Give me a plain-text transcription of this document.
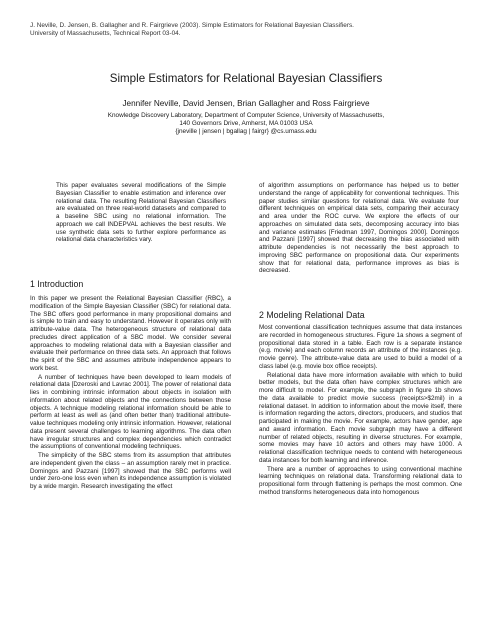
J. Neville, D. Jensen, B. Gallagher and R. Fairgrieve (2003). Simple Estimators for Relational Bayesian Classifiers.
University of Massachusetts, Technical Report 03-04.
Simple Estimators for Relational Bayesian Classifiers
Jennifer Neville, David Jensen, Brian Gallagher and Ross Fairgrieve
Knowledge Discovery Laboratory, Department of Computer Science, University of Massachusetts,
140 Governors Drive, Amherst, MA 01003 USA
{jneville | jensen | bgallag | fairgr} @cs.umass.edu

This paper evaluates several modifications of the Simple Bayesian Classifier to enable estimation and inference over relational data. The resulting Relational Bayesian Classifiers are evaluated on three real-world datasets and compared to a baseline SBC using no relational information. The approach we call INDEPVAL achieves the best results. We use synthetic data sets to further explore performance as relational data characteristics vary.

1 Introduction

In this paper we present the Relational Bayesian Classifier (RBC), a modification of the Simple Bayesian Classifier (SBC) for relational data. The SBC offers good performance in many propositional domains and is simple to train and easy to understand. However it operates only with attribute-value data. The heterogeneous structure of relational data precludes direct application of a SBC model. We consider several approaches to modeling relational data with a Bayesian classifier and evaluate their performance on three data sets. An approach that follows the spirit of the SBC and assumes attribute independence appears to work best.

A number of techniques have been developed to learn models of relational data [Dzeroski and Lavrac 2001]. The power of relational data lies in combining intrinsic information about objects in isolation with information about related objects and the connections between those objects. A technique modeling relational information should be able to perform at least as well as (and often better than) traditional attribute-value techniques modeling only intrinsic information. However, relational data present several challenges to learning algorithms. The data often have irregular structures and complex dependencies which contradict the assumptions of conventional modeling techniques.

The simplicity of the SBC stems from its assumption that attributes are independent given the class – an assumption rarely met in practice. Domingos and Pazzani [1997] showed that the SBC performs well under zero-one loss even when its independence assumption is violated by a wide margin. Research investigating the effect

of algorithm assumptions on performance has helped us to better understand the range of applicability for conventional techniques. This paper studies similar questions for relational data. We evaluate four different techniques on empirical data sets, comparing their accuracy and area under the ROC curve. We explore the effects of our approaches on simulated data sets, decomposing accuracy into bias and variance estimates [Friedman 1997, Domingos 2000]. Domingos and Pazzani [1997] showed that decreasing the bias associated with attribute dependencies is not necessarily the best approach to improving SBC performance on propositional data. Our experiments show that for relational data, performance improves as bias is decreased.

2 Modeling Relational Data

Most conventional classification techniques assume that data instances are recorded in homogeneous structures. Figure 1a shows a segment of propositional data stored in a table. Each row is a separate instance (e.g. movie) and each column records an attribute of the instances (e.g. movie genre). The attribute-value data are used to build a model of a class label (e.g. movie box office receipts).

Relational data have more information available with which to build better models, but the data often have complex structures which are more difficult to model. For example, the subgraph in figure 1b shows the data available to predict movie success (receipts>$2mil) in a relational dataset. In addition to information about the movie itself, there is information regarding the actors, directors, producers, and studios that participated in making the movie. For example, actors have gender, age and award information. Each movie subgraph may have a different number of related objects, resulting in diverse structures. For example, some movies may have 10 actors and others may have 1000. A relational classification technique needs to contend with heterogeneous data instances for both learning and inference.

There are a number of approaches to using conventional machine learning techniques on relational data. Transforming relational data to propositional form through flattening is perhaps the most common. One method transforms heterogeneous data into homogenous
